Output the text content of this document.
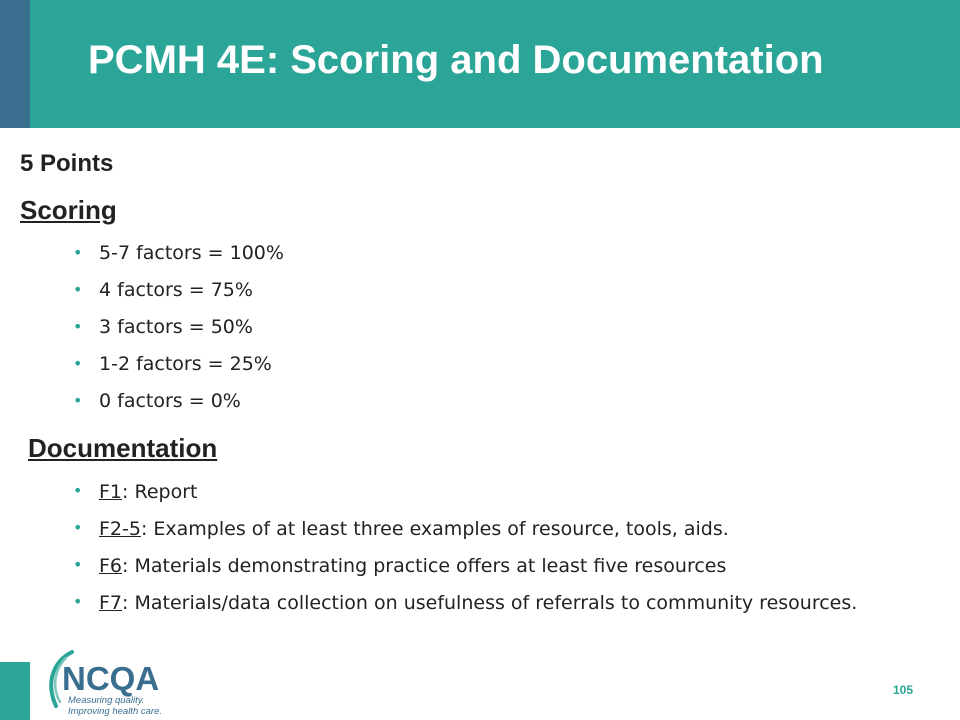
PCMH 4E: Scoring and Documentation
5 Points
Scoring
• 5-7 factors = 100%
• 4 factors = 75%
• 3 factors = 50%
• 1-2 factors = 25%
• 0 factors = 0%
Documentation
• F1: Report
• F2-5: Examples of at least three examples of resource, tools, aids.
• F6: Materials demonstrating practice offers at least five resources
• F7: Materials/data collection on usefulness of referrals to community resources.
NCQA
Measuring quality.
Improving health care.
105
